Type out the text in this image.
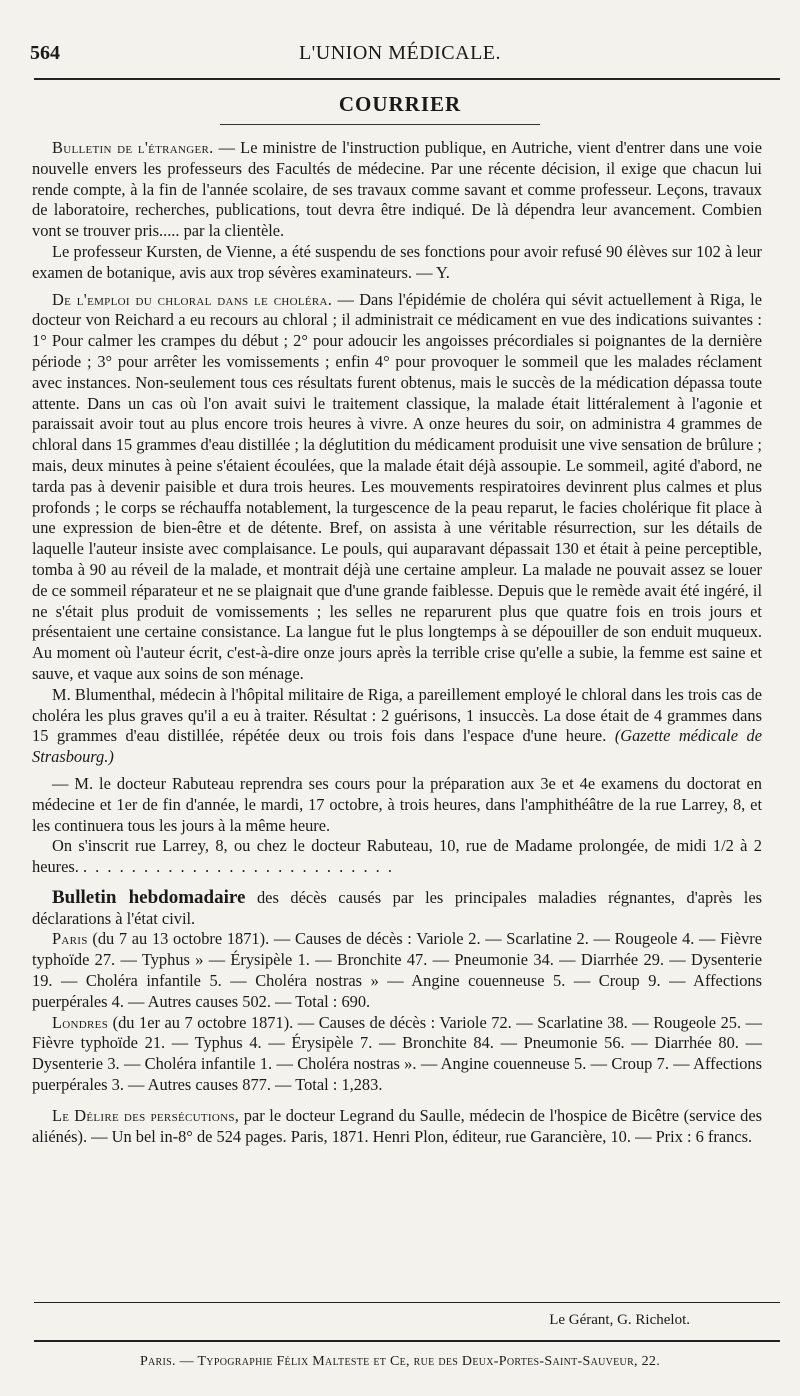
564	L'UNION MÉDICALE.
COURRIER

Bulletin de l'étranger. — Le ministre de l'instruction publique, en Autriche, vient d'entrer dans une voie nouvelle envers les professeurs des Facultés de médecine. Par une récente décision, il exige que chacun lui rende compte, à la fin de l'année scolaire, de ses travaux comme savant et comme professeur. Leçons, travaux de laboratoire, recherches, publications, tout devra être indiqué. De là dépendra leur avancement. Combien vont se trouver pris..... par la clientèle.

Le professeur Kursten, de Vienne, a été suspendu de ses fonctions pour avoir refusé 90 élèves sur 102 à leur examen de botanique, avis aux trop sévères examinateurs. — Y.

De l'emploi du chloral dans le choléra. — Dans l'épidémie de choléra qui sévit actuellement à Riga, le docteur von Reichard a eu recours au chloral ; il administrait ce médicament en vue des indications suivantes : 1° Pour calmer les crampes du début ; 2° pour adoucir les angoisses précordiales si poignantes de la dernière période ; 3° pour arrêter les vomissements ; enfin 4° pour provoquer le sommeil que les malades réclament avec instances. Non-seulement tous ces résultats furent obtenus, mais le succès de la médication dépassa toute attente. Dans un cas où l'on avait suivi le traitement classique, la malade était littéralement à l'agonie et paraissait avoir tout au plus encore trois heures à vivre. A onze heures du soir, on administra 4 grammes de chloral dans 15 grammes d'eau distillée ; la déglutition du médicament produisit une vive sensation de brûlure ; mais, deux minutes à peine s'étaient écoulées, que la malade était déjà assoupie. Le sommeil, agité d'abord, ne tarda pas à devenir paisible et dura trois heures. Les mouvements respiratoires devinrent plus calmes et plus profonds ; le corps se réchauffa notablement, la turgescence de la peau reparut, le facies cholérique fit place à une expression de bien-être et de détente. Bref, on assista à une véritable résurrection, sur les détails de laquelle l'auteur insiste avec complaisance. Le pouls, qui auparavant dépassait 130 et était à peine perceptible, tomba à 90 au réveil de la malade, et montrait déjà une certaine ampleur. La malade ne pouvait assez se louer de ce sommeil réparateur et ne se plaignait que d'une grande faiblesse. Depuis que le remède avait été ingéré, il ne s'était plus produit de vomissements ; les selles ne reparurent plus que quatre fois en trois jours et présentaient une certaine consistance. La langue fut le plus longtemps à se dépouiller de son enduit muqueux. Au moment où l'auteur écrit, c'est-à-dire onze jours après la terrible crise qu'elle a subie, la femme est saine et sauve, et vaque aux soins de son ménage.

M. Blumenthal, médecin à l'hôpital militaire de Riga, a pareillement employé le chloral dans les trois cas de choléra les plus graves qu'il a eu à traiter. Résultat : 2 guérisons, 1 insuccès. La dose était de 4 grammes dans 15 grammes d'eau distillée, répétée deux ou trois fois dans l'espace d'une heure. (Gazette médicale de Strasbourg.)

— M. le docteur Rabuteau reprendra ses cours pour la préparation aux 3e et 4e examens du doctorat en médecine et 1er de fin d'année, le mardi, 17 octobre, à trois heures, dans l'amphithéâtre de la rue Larrey, 8, et les continuera tous les jours à la même heure.

On s'inscrit rue Larrey, 8, ou chez le docteur Rabuteau, 10, rue de Madame prolongée, de midi 1/2 à 2 heures. . . . . . . . . . . . . . . . . . . . . . . . . . .

Bulletin hebdomadaire des décès causés par les principales maladies régnantes, d'après les déclarations à l'état civil.

Paris (du 7 au 13 octobre 1871). — Causes de décès : Variole 2. — Scarlatine 2. — Rougeole 4. — Fièvre typhoïde 27. — Typhus » — Érysipèle 1. — Bronchite 47. — Pneumonie 34. — Diarrhée 29. — Dysenterie 19. — Choléra infantile 5. — Choléra nostras » — Angine couenneuse 5. — Croup 9. — Affections puerpérales 4. — Autres causes 502. — Total : 690.

Londres (du 1er au 7 octobre 1871). — Causes de décès : Variole 72. — Scarlatine 38. — Rougeole 25. — Fièvre typhoïde 21. — Typhus 4. — Érysipèle 7. — Bronchite 84. — Pneumonie 56. — Diarrhée 80. — Dysenterie 3. — Choléra infantile 1. — Choléra nostras ». — Angine couenneuse 5. — Croup 7. — Affections puerpérales 3. — Autres causes 877. — Total : 1,283.

Le Délire des persécutions, par le docteur Legrand du Saulle, médecin de l'hospice de Bicêtre (service des aliénés). — Un bel in-8° de 524 pages. Paris, 1871. Henri Plon, éditeur, rue Garancière, 10. — Prix : 6 francs.

Le Gérant, G. Richelot.
Paris. — Typographie Félix Malteste et Ce, rue des Deux-Portes-Saint-Sauveur, 22.
